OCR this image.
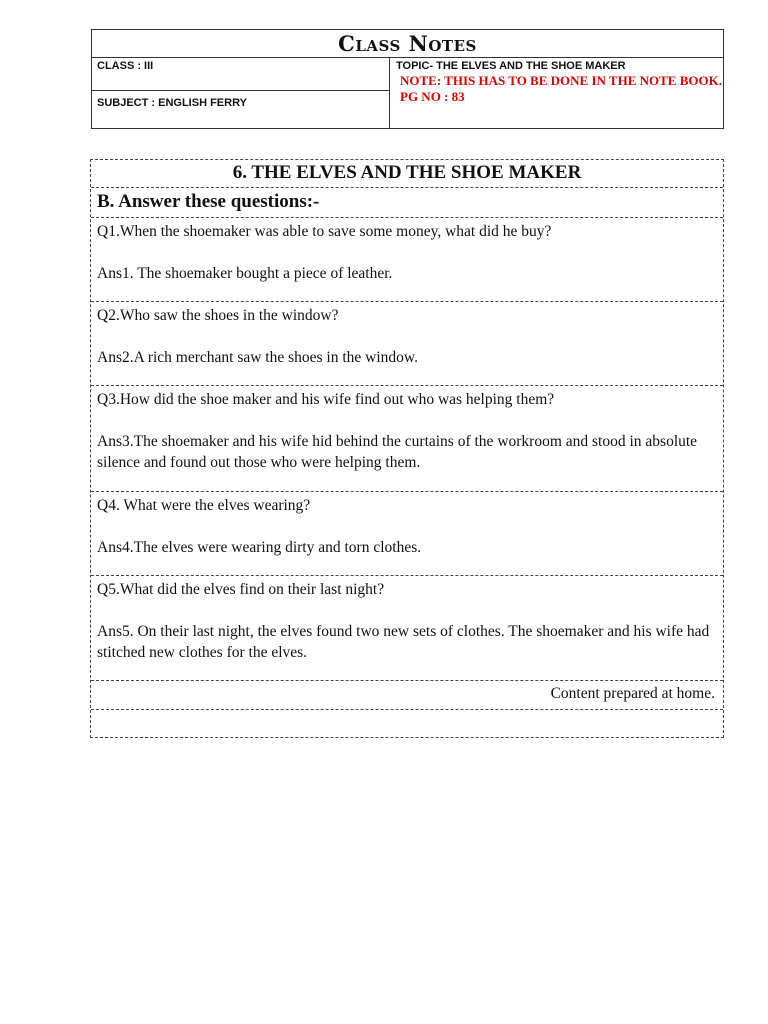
Class Notes
CLASS : III
SUBJECT : ENGLISH FERRY
TOPIC- THE ELVES AND THE SHOE MAKER
NOTE: THIS HAS TO BE DONE IN THE NOTE BOOK.
PG NO : 83
6. THE ELVES AND THE SHOE MAKER
B. Answer these questions:-

Q1.When the shoemaker was able to save some money, what did he buy?

Ans1. The shoemaker bought a piece of leather.

Q2.Who saw the shoes in the window?

Ans2.A rich merchant saw the shoes in the window.

Q3.How did the shoe maker and his wife find out who was helping them?

Ans3.The shoemaker and his wife hid behind the curtains of the workroom and stood in absolute silence and found out those who were helping them.

Q4. What were the elves wearing?

Ans4.The elves were wearing dirty and torn clothes.

Q5.What did the elves find on their last night?

Ans5. On their last night, the elves found two new sets of clothes. The shoemaker and his wife had stitched new clothes for the elves.

Content prepared at home.
